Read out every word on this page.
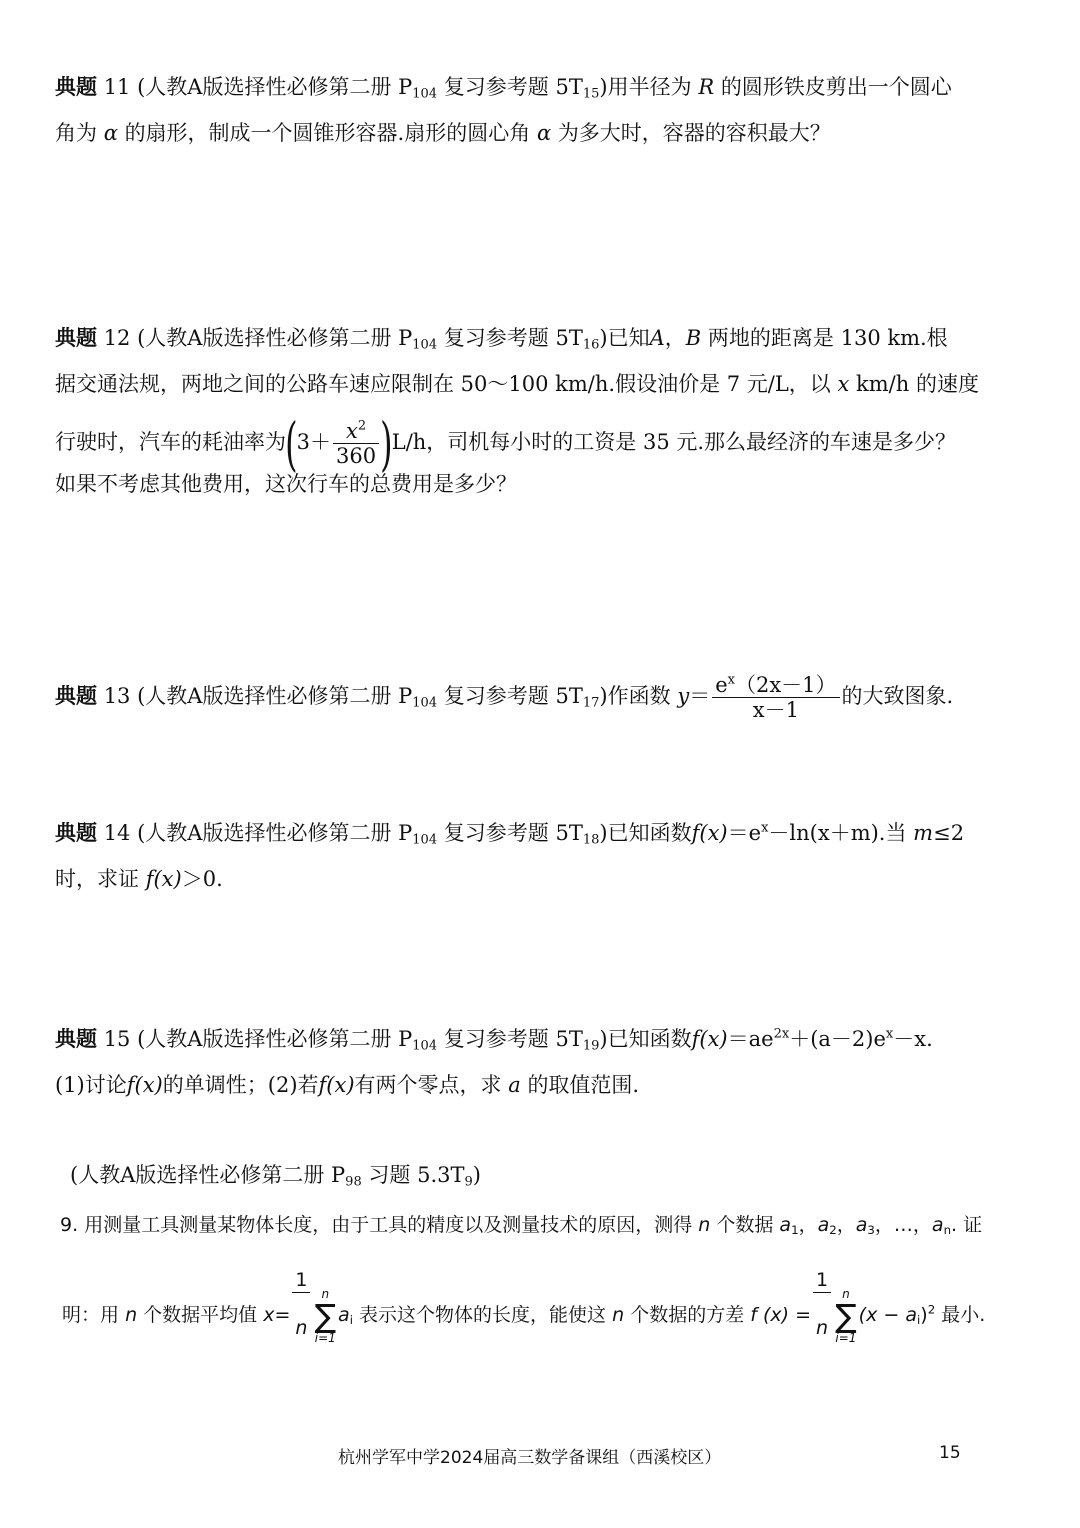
典题 11 (人教A版选择性必修第二册 $P_{104}$ 复习参考题 $5T_{15}$)用半径为 R 的圆形铁皮剪出一个圆心
角为 α 的扇形，制成一个圆锥形容器.扇形的圆心角 α 为多大时，容器的容积最大？
典题 12 (人教A版选择性必修第二册 $P_{104}$ 复习参考题 $5T_{16}$)已知A，B 两地的距离是 130 km.根
据交通法规，两地之间的公路车速应限制在 50～100 km/h.假设油价是 7 元/L，以 x km/h 的速度
行驶时，汽车的耗油率为$(3+ \frac{x^2}{360} )L/h$，司机每小时的工资是 35 元.那么最经济的车速是多少？
如果不考虑其他费用，这次行车的总费用是多少？
典题 13 (人教A版选择性必修第二册 $P_{104}$ 复习参考题 $5T_{17}$)作函数 $y= \frac{e^x(2x-1)}{x-1}$ 的大致图象.
典题 14 (人教A版选择性必修第二册 $P_{104}$ 复习参考题 $5T_{18}$)已知函数$f(x)=e^x-\ln(x+m)$.当 m≤2
时，求证 f(x)＞0.
典题 15 (人教A版选择性必修第二册 $P_{104}$ 复习参考题 $5T_{19}$)已知函数$f(x)=ae^{2x}+(a-2)e^x-x$.
(1)讨论f(x)的单调性；(2)若f(x)有两个零点，求 a 的取值范围.
(人教A版选择性必修第二册 $P_{98}$ 习题 $5.3T_9$)
9. 用测量工具测量某物体长度，由于工具的精度以及测量技术的原因，测得 n 个数据 $a_1$，$a_2$，$a_3$，…，$a_n$. 证
明：用 n 个数据平均值 $x= \frac{1}{n}$ n
∑
$i=1a_i$ 表示这个物体的长度，能使这 n 个数据的方差 f $(x) = \frac{1}{n}$ n
∑
$i=1(x - a_i)^2$ 最小.
杭州学军中学2024届高三数学备课组（西溪校区）	15
